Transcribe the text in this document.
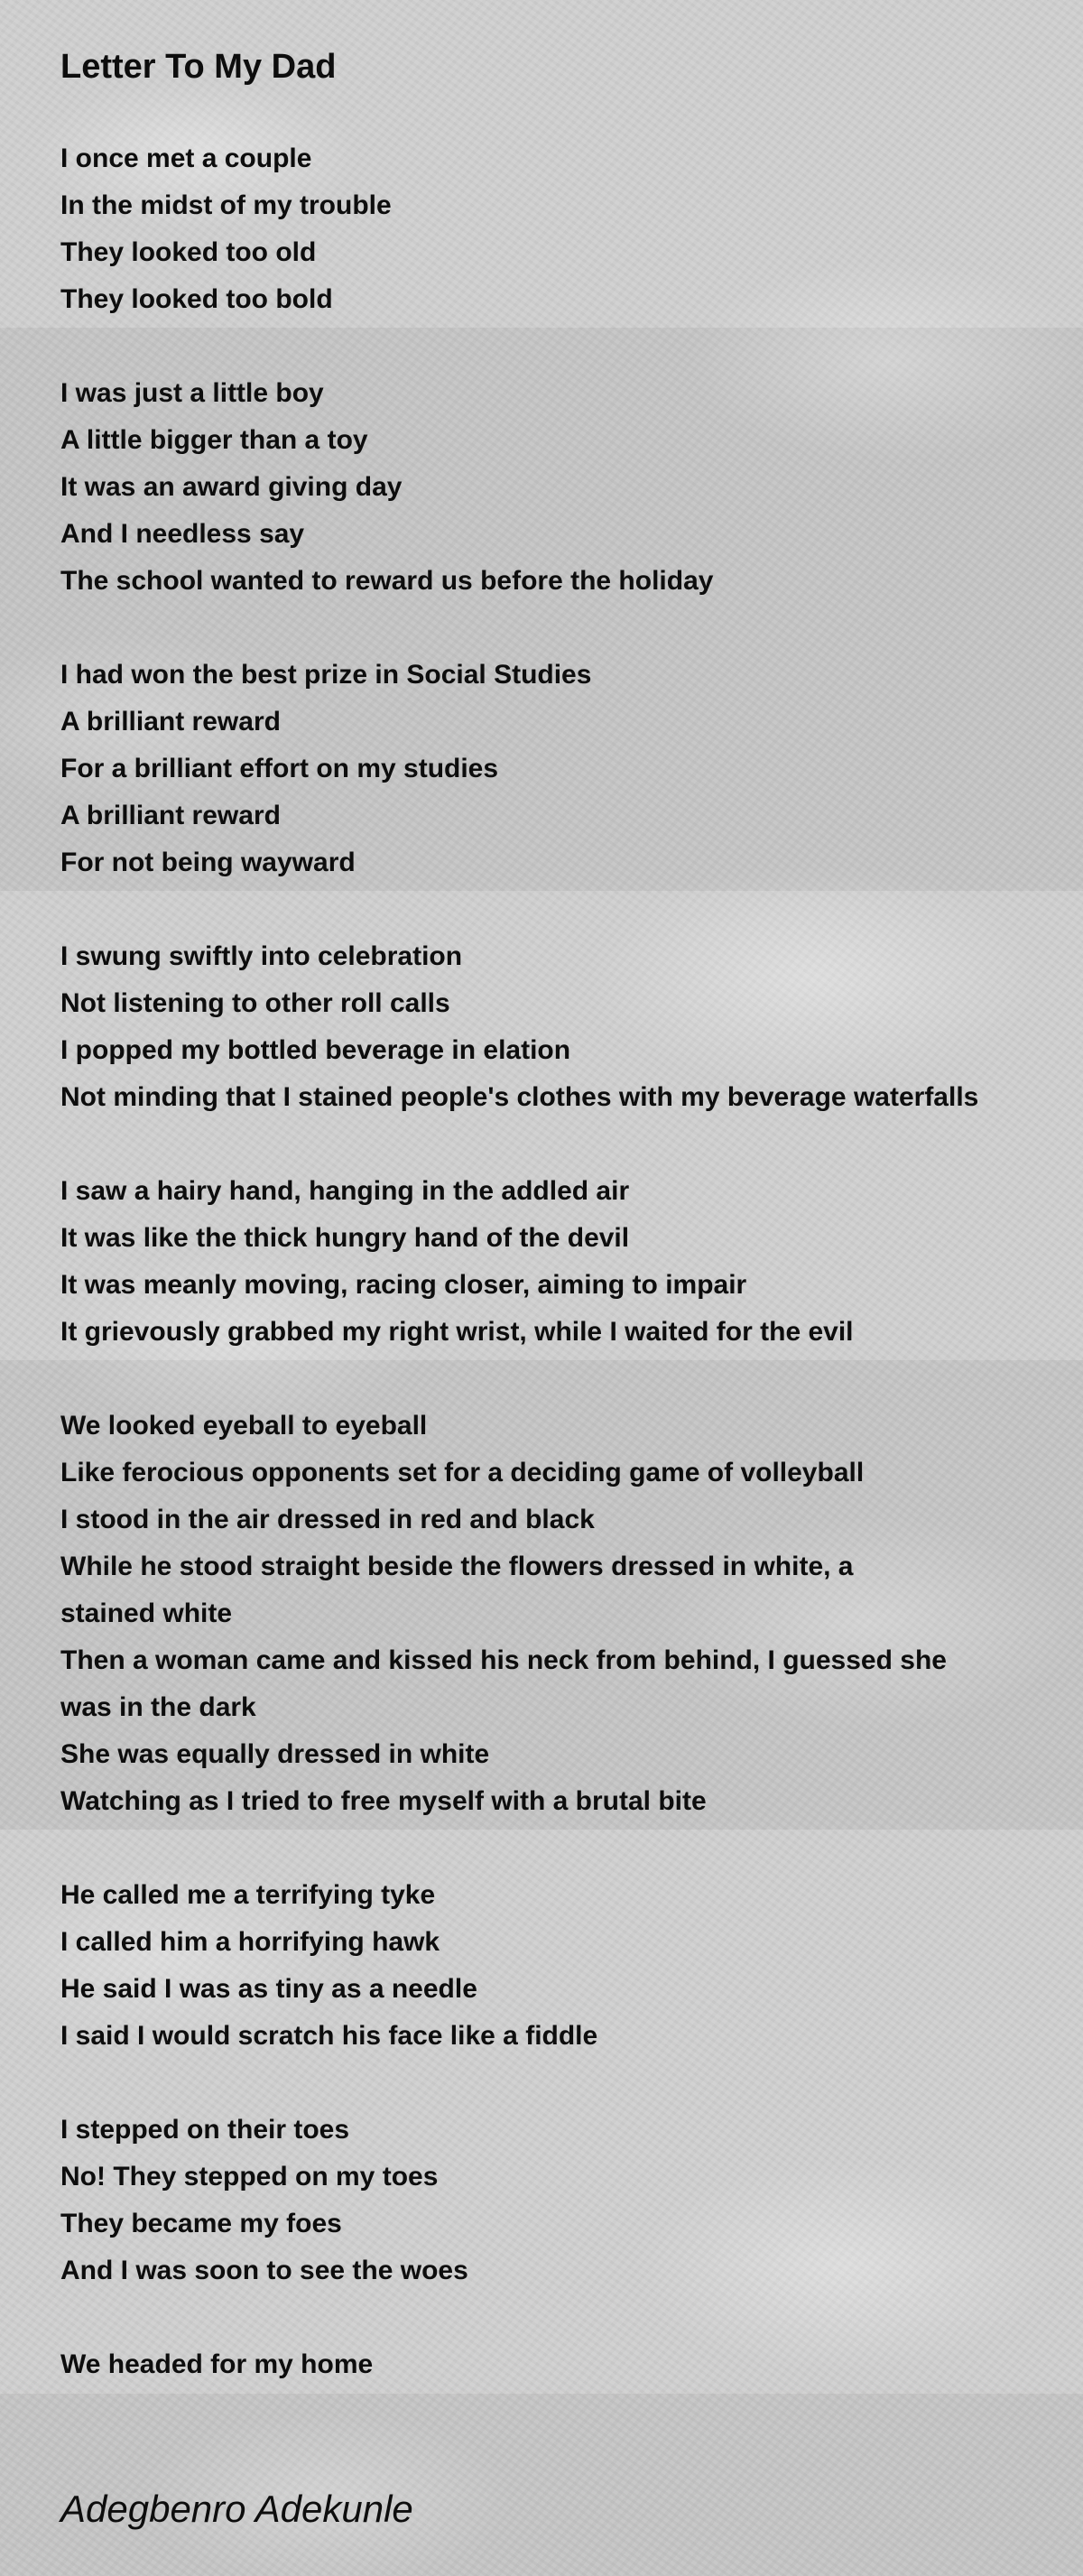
Letter To My Dad
I once met a couple
In the midst of my trouble
They looked too old
They looked too bold
I was just a little boy
A little bigger than a toy
It was an award giving day
And I needless say
The school wanted to reward us before the holiday
I had won the best prize in Social Studies
A brilliant reward
For a brilliant effort on my studies
A brilliant reward
For not being wayward
I swung swiftly into celebration
Not listening to other roll calls
I popped my bottled beverage in elation
Not minding that I stained people's clothes with my beverage waterfalls
I saw a hairy hand, hanging in the addled air
It was like the thick hungry hand of the devil
It was meanly moving, racing closer, aiming to impair
It grievously grabbed my right wrist, while I waited for the evil
We looked eyeball to eyeball
Like ferocious opponents set for a deciding game of volleyball
I stood in the air dressed in red and black
While he stood straight beside the flowers dressed in white, a
stained white
Then a woman came and kissed his neck from behind, I guessed she
was in the dark
She was equally dressed in white
Watching as I tried to free myself with a brutal bite
He called me a terrifying tyke
I called him a horrifying hawk
He said I was as tiny as a needle
I said I would scratch his face like a fiddle
I stepped on their toes
No! They stepped on my toes
They became my foes
And I was soon to see the woes
We headed for my home
Adegbenro Adekunle
